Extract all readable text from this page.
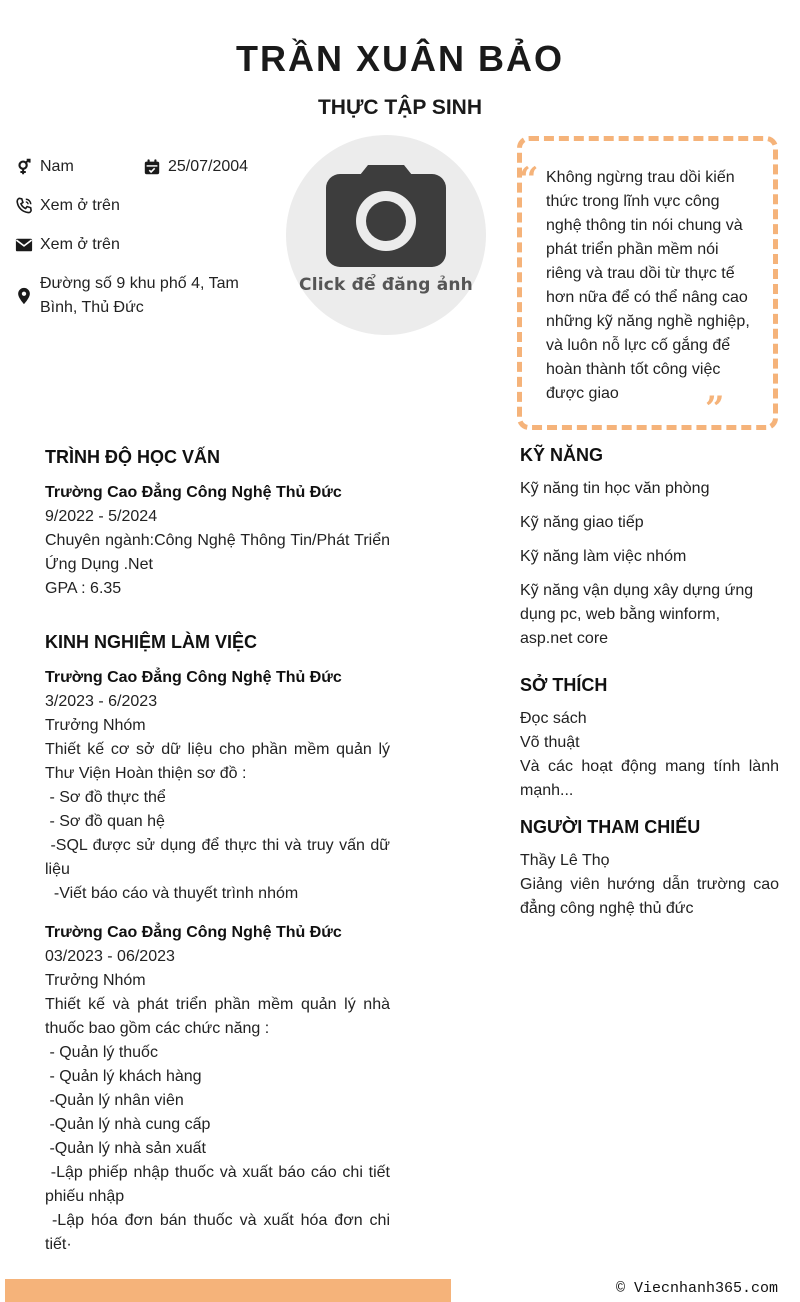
TRẦN XUÂN BẢO
THỰC TẬP SINH
Nam	25/07/2004
Xem ở trên
Xem ở trên
Đường số 9 khu phố 4, Tam Bình, Thủ Đức
Click để đăng ảnh
“ Không ngừng trau dồi kiến thức trong lĩnh vực công nghệ thông tin nói chung và phát triển phần mềm nói riêng và trau dồi từ thực tế hơn nữa để có thể nâng cao những kỹ năng nghề nghiệp, và luôn nỗ lực cố gắng để hoàn thành tốt công việc được giao	”
TRÌNH ĐỘ HỌC VẤN
Trường Cao Đẳng Công Nghệ Thủ Đức
9/2022 - 5/2024
Chuyên ngành:Công Nghệ Thông Tin/Phát Triển Ứng Dụng .Net
GPA : 6.35
KINH NGHIỆM LÀM VIỆC
Trường Cao Đẳng Công Nghệ Thủ Đức
3/2023 - 6/2023
Trưởng Nhóm
Thiết kế cơ sở dữ liệu cho phần mềm quản lý Thư Viện Hoàn thiện sơ đồ :
- Sơ đồ thực thể
- Sơ đồ quan hệ
-SQL được sử dụng để thực thi và truy vấn dữ liệu
-Viết báo cáo và thuyết trình nhóm
Trường Cao Đẳng Công Nghệ Thủ Đức
03/2023 - 06/2023
Trưởng Nhóm
Thiết kế và phát triển phần mềm quản lý nhà thuốc bao gồm các chức năng :
- Quản lý thuốc
- Quản lý khách hàng
-Quản lý nhân viên
-Quản lý nhà cung cấp
-Quản lý nhà sản xuất
-Lập phiếp nhập thuốc và xuất báo cáo chi tiết phiếu nhập
-Lập hóa đơn bán thuốc và xuất hóa đơn chi tiết·
KỸ NĂNG
Kỹ năng tin học văn phòng
Kỹ năng giao tiếp
Kỹ năng làm việc nhóm
Kỹ năng vận dụng xây dựng ứng dụng pc, web bằng winform, asp.net core
SỞ THÍCH
Đọc sách
Võ thuật
Và các hoạt động mang tính lành mạnh...
NGƯỜI THAM CHIẾU
Thầy Lê Thọ
Giảng viên hướng dẫn trường cao đẳng công nghệ thủ đức
© Viecnhanh365.com
